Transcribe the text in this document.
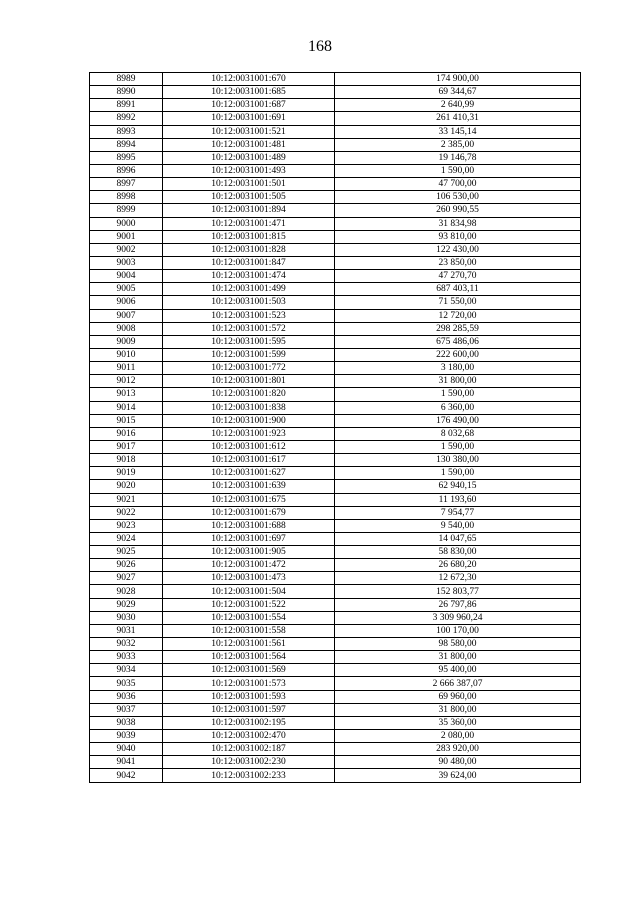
168
8989	10:12:0031001:670	174 900,00
8990	10:12:0031001:685	69 344,67
8991	10:12:0031001:687	2 640,99
8992	10:12:0031001:691	261 410,31
8993	10:12:0031001:521	33 145,14
8994	10:12:0031001:481	2 385,00
8995	10:12:0031001:489	19 146,78
8996	10:12:0031001:493	1 590,00
8997	10:12:0031001:501	47 700,00
8998	10:12:0031001:505	106 530,00
8999	10:12:0031001:894	260 990,55
9000	10:12:0031001:471	31 834,98
9001	10:12:0031001:815	93 810,00
9002	10:12:0031001:828	122 430,00
9003	10:12:0031001:847	23 850,00
9004	10:12:0031001:474	47 270,70
9005	10:12:0031001:499	687 403,11
9006	10:12:0031001:503	71 550,00
9007	10:12:0031001:523	12 720,00
9008	10:12:0031001:572	298 285,59
9009	10:12:0031001:595	675 486,06
9010	10:12:0031001:599	222 600,00
9011	10:12:0031001:772	3 180,00
9012	10:12:0031001:801	31 800,00
9013	10:12:0031001:820	1 590,00
9014	10:12:0031001:838	6 360,00
9015	10:12:0031001:900	176 490,00
9016	10:12:0031001:923	8 032,68
9017	10:12:0031001:612	1 590,00
9018	10:12:0031001:617	130 380,00
9019	10:12:0031001:627	1 590,00
9020	10:12:0031001:639	62 940,15
9021	10:12:0031001:675	11 193,60
9022	10:12:0031001:679	7 954,77
9023	10:12:0031001:688	9 540,00
9024	10:12:0031001:697	14 047,65
9025	10:12:0031001:905	58 830,00
9026	10:12:0031001:472	26 680,20
9027	10:12:0031001:473	12 672,30
9028	10:12:0031001:504	152 803,77
9029	10:12:0031001:522	26 797,86
9030	10:12:0031001:554	3 309 960,24
9031	10:12:0031001:558	100 170,00
9032	10:12:0031001:561	98 580,00
9033	10:12:0031001:564	31 800,00
9034	10:12:0031001:569	95 400,00
9035	10:12:0031001:573	2 666 387,07
9036	10:12:0031001:593	69 960,00
9037	10:12:0031001:597	31 800,00
9038	10:12:0031002:195	35 360,00
9039	10:12:0031002:470	2 080,00
9040	10:12:0031002:187	283 920,00
9041	10:12:0031002:230	90 480,00
9042	10:12:0031002:233	39 624,00
